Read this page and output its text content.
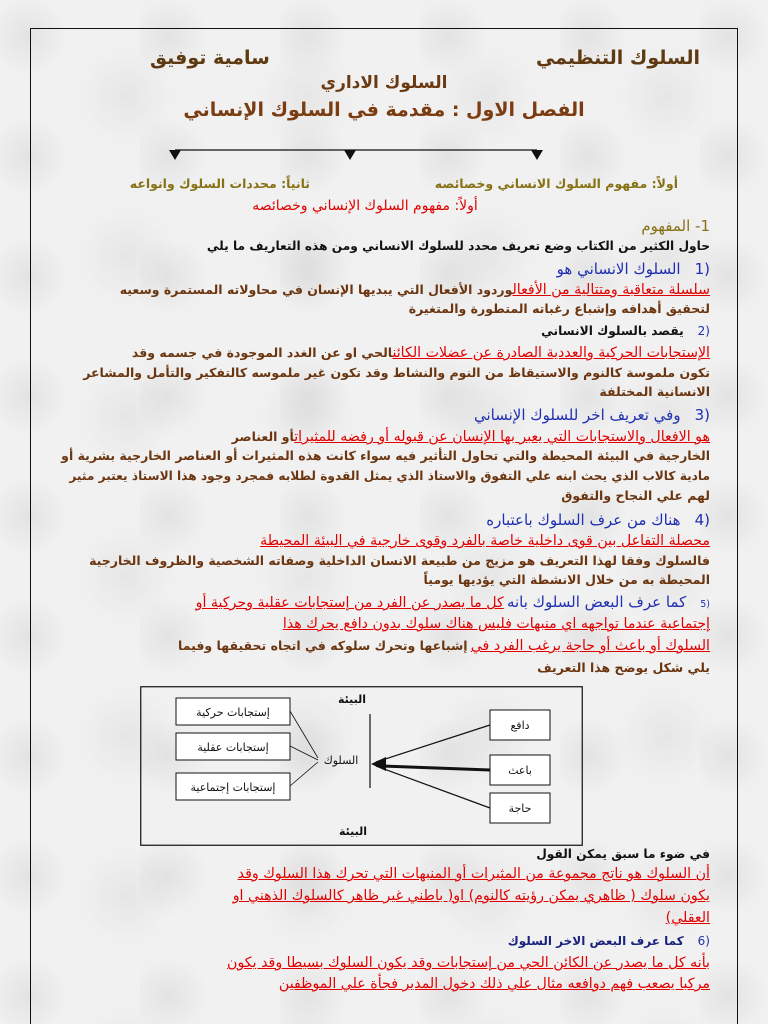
السلوك التنظيمي
سامية توفيق
السلوك الاداري
الفصل الاول : مقدمة في السلوك الإنساني
أولاً: مفهوم السلوك الانساني وخصائصه
ثانياً: محددات السلوك وانواعه
أولاً: مفهوم السلوك الإنساني وخصائصه
1- المفهوم
حاول الكثير من الكتاب وضع تعريف محدد للسلوك الانساني ومن هذه التعاريف ما يلي
1)السلوك الانساني هو
سلسلة متعاقبة ومتتالية من الأفعالوردود الأفعال التي يبديها الإنسان في محاولاته المستمرة وسعيه
لتحقيق أهدافه وإشباع رغباته المتطورة والمتغيرة
2)يقصد بالسلوك الانساني
الإستجابات الحركية والعددية الصادرة عن عضلات الكائنالحي او عن الغدد الموجودة في جسمه وقد
تكون ملموسة كالنوم والاستيقاظ من النوم والنشاط وقد تكون غير ملموسه كالتفكير والتأمل والمشاعر
الانسانية المختلفة
3)وفي تعريف اخر للسلوك الإنساني
هو الافعال والاستجابات التي يعبر بها الإنسان عن قبوله أو رفضه للمثيراتأو العناصر
الخارجية في البيئة المحيطة والتي تحاول التأثير فيه سواء كانت هذه المثيرات أو العناصر الخارجية بشرية أو
مادية كالاب الذي يحث ابنه علي التفوق والاستاذ الذي يمثل القدوة لطلابه فمجرد وجود هذا الاستاذ يعتبر مثير
لهم علي النجاح والتفوق
4)هناك من عرف السلوك باعتباره
محصلة التفاعل بين قوى داخلية خاصة بالفرد وقوى خارجية في البيئة المحيطة
فالسلوك وفقا لهذا التعريف هو مزيج من طبيعة الانسان الداخلية وصفاته الشخصية والظروف الخارجية
المحيطة به من خلال الانشطة التي يؤديها يومياً
5)كما عرف البعض السلوك بانه كل ما يصدر عن الفرد من إستجابات عقلية وحركية أو
إجتماعية عندما تواجهه اي منبهات فليس هناك سلوك بدون دافع يحرك هذا
السلوك أو باعث أو حاجة يرغب الفرد في إشباعها وتحرك سلوكه في اتجاه تحقيقها وفيما
يلي شكل يوضح هذا التعريف
البيئة
إستجابات حركية
إستجابات عقلية
إستجابات إجتماعية
السلوك
دافع
باعث
حاجة
البيئة
في ضوء ما سبق يمكن القول
أن السلوك هو ناتج مجموعة من المثيرات أو المنبهات التي تحرك هذا السلوك وقد
يكون سلوك ( ظاهري يمكن رؤيته كالنوم) او( باطني غير ظاهر كالسلوك الذهني او
العقلي)
6)كما عرف البعض الاخر السلوك
بأنه كل ما يصدر عن الكائن الحي من إستجابات وقد يكون السلوك بسيطا وقد يكون
مركبا يصعب فهم دوافعه مثال علي ذلك دخول المدير فجأة علي الموظفين
